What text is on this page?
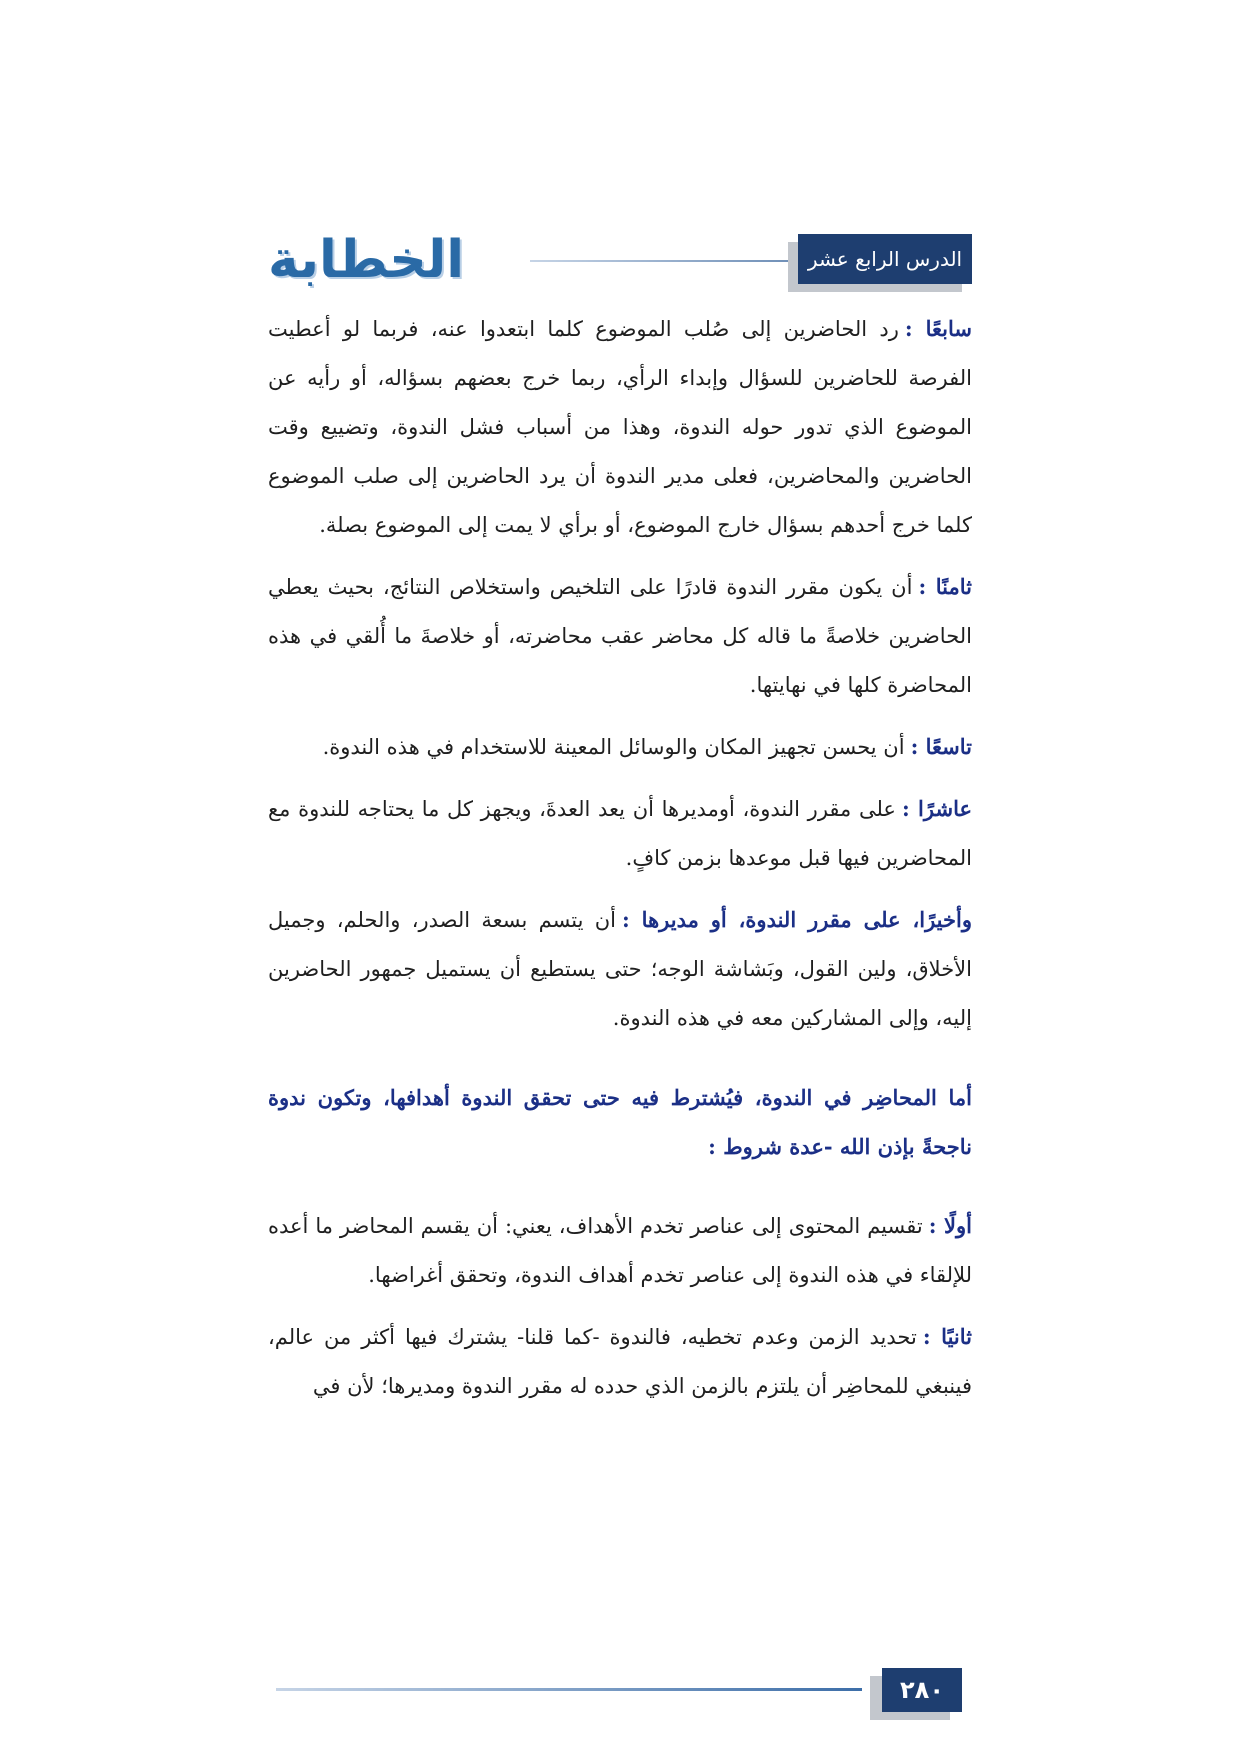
الخطابة	الدرس الرابع عشر

سابعًا :رد الحاضرين إلى صُلب الموضوع كلما ابتعدوا عنه، فربما لو أعطيت الفرصة للحاضرين للسؤال وإبداء الرأي، ربما خرج بعضهم بسؤاله، أو رأيه عن الموضوع الذي تدور حوله الندوة، وهذا من أسباب فشل الندوة، وتضييع وقت الحاضرين والمحاضرين، فعلى مدير الندوة أن يرد الحاضرين إلى صلب الموضوع كلما خرج أحدهم بسؤال خارج الموضوع، أو برأي لا يمت إلى الموضوع بصلة.

ثامنًا :أن يكون مقرر الندوة قادرًا على التلخيص واستخلاص النتائج، بحيث يعطي الحاضرين خلاصةً ما قاله كل محاضر عقب محاضرته، أو خلاصةَ ما أُلقي في هذه المحاضرة كلها في نهايتها.

تاسعًا :أن يحسن تجهيز المكان والوسائل المعينة للاستخدام في هذه الندوة.

عاشرًا :على مقرر الندوة، أومديرها أن يعد العدةَ، ويجهز كل ما يحتاجه للندوة مع المحاضرين فيها قبل موعدها بزمن كافٍ.

وأخيرًا، على مقرر الندوة، أو مديرها :أن يتسم بسعة الصدر، والحلم، وجميل الأخلاق، ولين القول، وبَشاشة الوجه؛ حتى يستطيع أن يستميل جمهور الحاضرين إليه، وإلى المشاركين معه في هذه الندوة.

أما المحاضِر في الندوة، فيُشترط فيه حتى تحقق الندوة أهدافها، وتكون ندوة ناجحةً بإذن الله -عدة شروط :

أولًا :تقسيم المحتوى إلى عناصر تخدم الأهداف، يعني: أن يقسم المحاضر ما أعده للإلقاء في هذه الندوة إلى عناصر تخدم أهداف الندوة، وتحقق أغراضها.

ثانيًا :تحديد الزمن وعدم تخطيه، فالندوة -كما قلنا- يشترك فيها أكثر من عالم، فينبغي للمحاضِر أن يلتزم بالزمن الذي حدده له مقرر الندوة ومديرها؛ لأن في

٢٨٠
